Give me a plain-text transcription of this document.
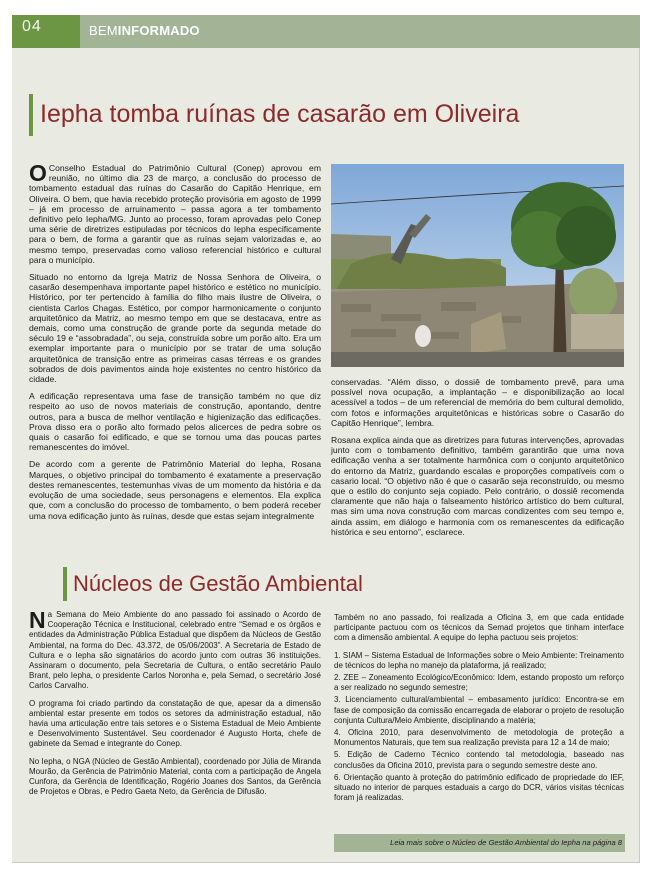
04	BEMINFORMADO
Iepha tomba ruínas de casarão em Oliveira

O Conselho Estadual do Patrimônio Cultural (Conep) aprovou em reunião, no último dia 23 de março, a conclusão do processo de tombamento estadual das ruínas do Casarão do Capitão Henrique, em Oliveira. O bem, que havia recebido proteção provisória em agosto de 1999 – já em processo de arruinamento – passa agora a ter tombamento definitivo pelo Iepha/MG. Junto ao processo, foram aprovadas pelo Conep uma série de diretrizes estipuladas por técnicos do Iepha especificamente para o bem, de forma a garantir que as ruínas sejam valorizadas e, ao mesmo tempo, preservadas como valioso referencial histórico e cultural para o município.

Situado no entorno da Igreja Matriz de Nossa Senhora de Oliveira, o casarão desempenhava importante papel histórico e estético no município. Histórico, por ter pertencido à família do filho mais ilustre de Oliveira, o cientista Carlos Chagas. Estético, por compor harmonicamente o conjunto arquitetônico da Matriz, ao mesmo tempo em que se destacava, entre as demais, como uma construção de grande porte da segunda metade do século 19 e “assobradada”, ou seja, construída sobre um porão alto. Era um exemplar importante para o município por se tratar de uma solução arquitetônica de transição entre as primeiras casas térreas e os grandes sobrados de dois pavimentos ainda hoje existentes no centro histórico da cidade.

A edificação representava uma fase de transição também no que diz respeito ao uso de novos materiais de construção, apontando, dentre outros, para a busca de melhor ventilação e higienização das edificações. Prova disso era o porão alto formado pelos alicerces de pedra sobre os quais o casarão foi edificado, e que se tornou uma das poucas partes remanescentes do imóvel.

De acordo com a gerente de Patrimônio Material do Iepha, Rosana Marques, o objetivo principal do tombamento é exatamente a preservação destes remanescentes, testemunhas vivas de um momento da história e da evolução de uma sociedade, seus personagens e elementos. Ela explica que, com a conclusão do processo de tombamento, o bem poderá receber uma nova edificação junto às ruínas, desde que estas sejam integralmente

conservadas. “Além disso, o dossiê de tombamento prevê, para uma possível nova ocupação, a implantação – e disponibilização ao local acessível a todos – de um referencial de memória do bem cultural demolido, com fotos e informações arquitetônicas e históricas sobre o Casarão do Capitão Henrique”, lembra.

Rosana explica ainda que as diretrizes para futuras intervenções, aprovadas junto com o tombamento definitivo, também garantirão que uma nova edificação venha a ser totalmente harmônica com o conjunto arquitetônico do entorno da Matriz, guardando escalas e proporções compatíveis com o casario local. “O objetivo não é que o casarão seja reconstruído, ou mesmo que o estilo do conjunto seja copiado. Pelo contrário, o dossiê recomenda claramente que não haja o falseamento histórico artístico do bem cultural, mas sim uma nova construção com marcas condizentes com seu tempo e, ainda assim, em diálogo e harmonia com os remanescentes da edificação histórica e seu entorno”, esclarece.

Núcleos de Gestão Ambiental

Na Semana do Meio Ambiente do ano passado foi assinado o Acordo de Cooperação Técnica e Institucional, celebrado entre “Semad e os órgãos e entidades da Administração Pública Estadual que dispõem da Núcleos de Gestão Ambiental, na forma do Dec. 43.372, de 05/06/2003”. A Secretaria de Estado de Cultura e o Iepha são signatários do acordo junto com outras 36 instituições. Assinaram o documento, pela Secretaria de Cultura, o então secretário Paulo Brant, pelo Iepha, o presidente Carlos Noronha e, pela Semad, o secretário José Carlos Carvalho.

O programa foi criado partindo da constatação de que, apesar da a dimensão ambiental estar presente em todos os setores da administração estadual, não havia uma articulação entre tais setores e o Sistema Estadual de Meio Ambiente e Desenvolvimento Sustentável. Seu coordenador é Augusto Horta, chefe de gabinete da Semad e integrante do Conep.

No Iepha, o NGA (Núcleo de Gestão Ambiental), coordenado por Júlia de Miranda Mourão, da Gerência de Patrimônio Material, conta com a participação de Angela Cunfora, da Gerência de Identificação, Rogério Joanes dos Santos, da Gerência de Projetos e Obras, e Pedro Gaeta Neto, da Gerência de Difusão.

Também no ano passado, foi realizada a Oficina 3, em que cada entidade participante pactuou com os técnicos da Semad projetos que tinham interface com a dimensão ambiental. A equipe do Iepha pactuou seis projetos:

1. SIAM – Sistema Estadual de Informações sobre o Meio Ambiente: Treinamento de técnicos do Iepha no manejo da plataforma, já realizado;
2. ZEE – Zoneamento Ecológico/Econômico: Idem, estando proposto um reforço a ser realizado no segundo semestre;
3. Licenciamento cultural/ambiental – embasamento jurídico: Encontra-se em fase de composição da comissão encarregada de elaborar o projeto de resolução conjunta Cultura/Meio Ambiente, disciplinando a matéria;
4. Oficina 2010, para desenvolvimento de metodologia de proteção a Monumentos Naturais, que tem sua realização prevista para 12 a 14 de maio;
5. Edição de Caderno Técnico contendo tal metodologia, baseado nas conclusões da Oficina 2010, prevista para o segundo semestre deste ano.
6. Orientação quanto à proteção do patrimônio edificado de propriedade do IEF, situado no interior de parques estaduais a cargo do DCR, vários visitas técnicas foram já realizadas.
Leia mais sobre o Núcleo de Gestão Ambiental do Iepha na página 8
